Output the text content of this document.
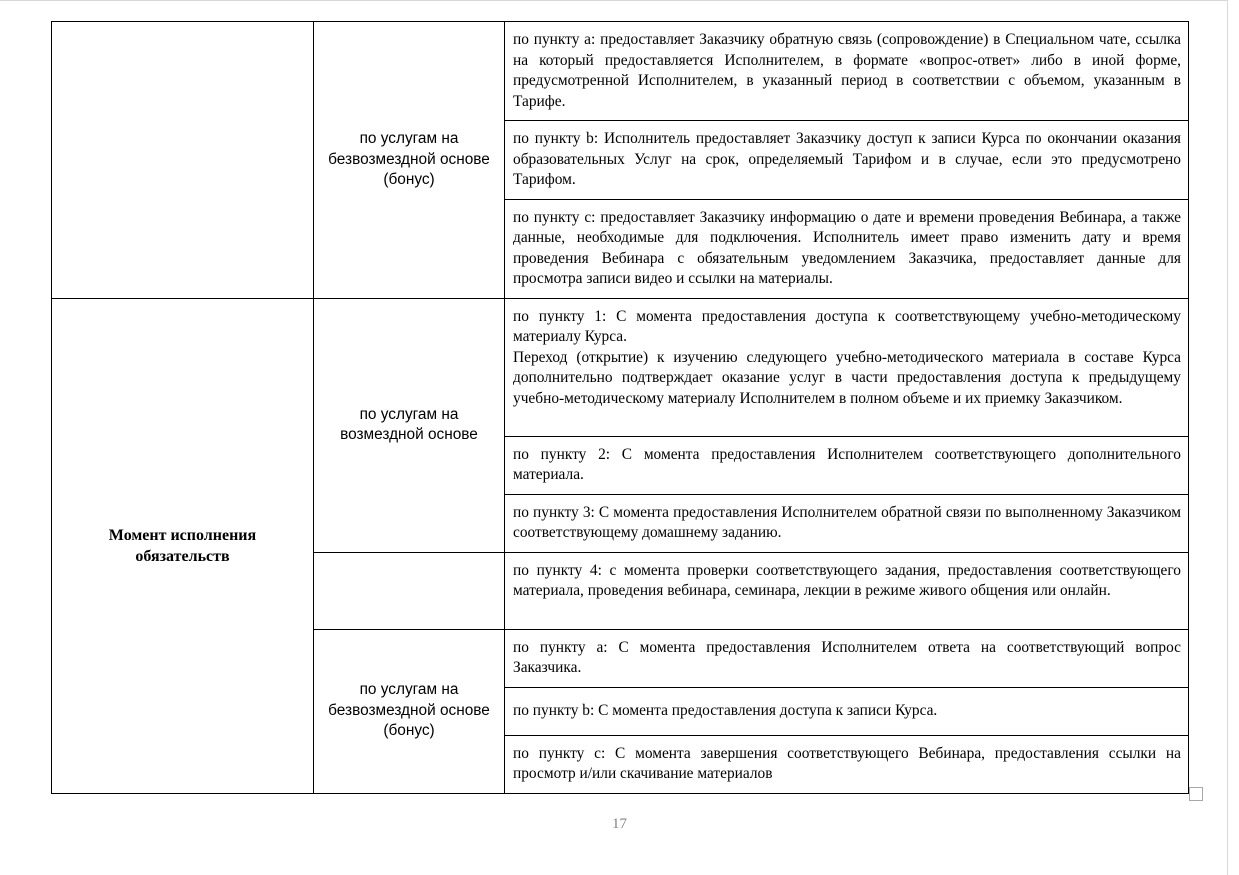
	по услугам на безвозмездной основе (бонус)	по пункту a: предоставляет Заказчику обратную связь (сопровождение) в Специальном чате, ссылка на который предоставляется Исполнителем, в формате «вопрос-ответ» либо в иной форме, предусмотренной Исполнителем, в указанный период в соответствии с объемом, указанным в Тарифе.
		по пункту b: Исполнитель предоставляет Заказчику доступ к записи Курса по окончании оказания образовательных Услуг на срок, определяемый Тарифом и в случае, если это предусмотрено Тарифом.
		по пункту c: предоставляет Заказчику информацию о дате и времени проведения Вебинара, а также данные, необходимые для подключения. Исполнитель имеет право изменить дату и время проведения Вебинара с обязательным уведомлением Заказчика, предоставляет данные для просмотра записи видео и ссылки на материалы.
Момент исполнения обязательств	по услугам на возмездной основе	по пункту 1: С момента предоставления доступа к соответствующему учебно-методическому материалу Курса.
Переход (открытие) к изучению следующего учебно-методического материала в составе Курса дополнительно подтверждает оказание услуг в части предоставления доступа к предыдущему учебно-методическому материалу Исполнителем в полном объеме и их приемку Заказчиком.

		по пункту 2: С момента предоставления Исполнителем соответствующего дополнительного материала.
		по пункту 3: С момента предоставления Исполнителем обратной связи по выполненному Заказчиком соответствующему домашнему заданию.
		по пункту 4: с момента проверки соответствующего задания, предоставления соответствующего материала, проведения вебинара, семинара, лекции в режиме живого общения или онлайн.
	по услугам на безвозмездной основе (бонус)	по пункту a: С момента предоставления Исполнителем ответа на соответствующий вопрос Заказчика.
		по пункту b: С момента предоставления доступа к записи Курса.
		по пункту c: С момента завершения соответствующего Вебинара, предоставления ссылки на просмотр и/или скачивание материалов
17
